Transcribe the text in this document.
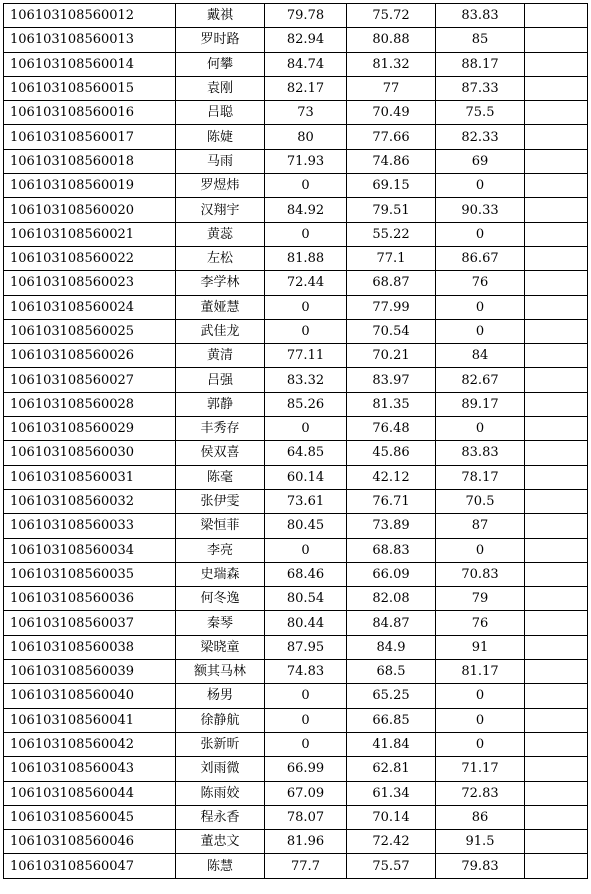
106103108560012	戴祺	79.78	75.72	83.83	
106103108560013	罗时路	82.94	80.88	85	
106103108560014	何攀	84.74	81.32	88.17	
106103108560015	袁刚	82.17	77	87.33	
106103108560016	吕聪	73	70.49	75.5	
106103108560017	陈婕	80	77.66	82.33	
106103108560018	马雨	71.93	74.86	69	
106103108560019	罗煜炜	0	69.15	0	
106103108560020	汉翔宇	84.92	79.51	90.33	
106103108560021	黄蕊	0	55.22	0	
106103108560022	左松	81.88	77.1	86.67	
106103108560023	李学林	72.44	68.87	76	
106103108560024	董娅慧	0	77.99	0	
106103108560025	武佳龙	0	70.54	0	
106103108560026	黄清	77.11	70.21	84	
106103108560027	吕强	83.32	83.97	82.67	
106103108560028	郭静	85.26	81.35	89.17	
106103108560029	丰秀存	0	76.48	0	
106103108560030	侯双喜	64.85	45.86	83.83	
106103108560031	陈毫	60.14	42.12	78.17	
106103108560032	张伊雯	73.61	76.71	70.5	
106103108560033	梁恒菲	80.45	73.89	87	
106103108560034	李亮	0	68.83	0	
106103108560035	史瑞森	68.46	66.09	70.83	
106103108560036	何冬逸	80.54	82.08	79	
106103108560037	秦琴	80.44	84.87	76	
106103108560038	梁晓童	87.95	84.9	91	
106103108560039	额其马林	74.83	68.5	81.17	
106103108560040	杨男	0	65.25	0	
106103108560041	徐静航	0	66.85	0	
106103108560042	张新昕	0	41.84	0	
106103108560043	刘雨微	66.99	62.81	71.17	
106103108560044	陈雨姣	67.09	61.34	72.83	
106103108560045	程永香	78.07	70.14	86	
106103108560046	董忠文	81.96	72.42	91.5	
106103108560047	陈慧	77.7	75.57	79.83	
